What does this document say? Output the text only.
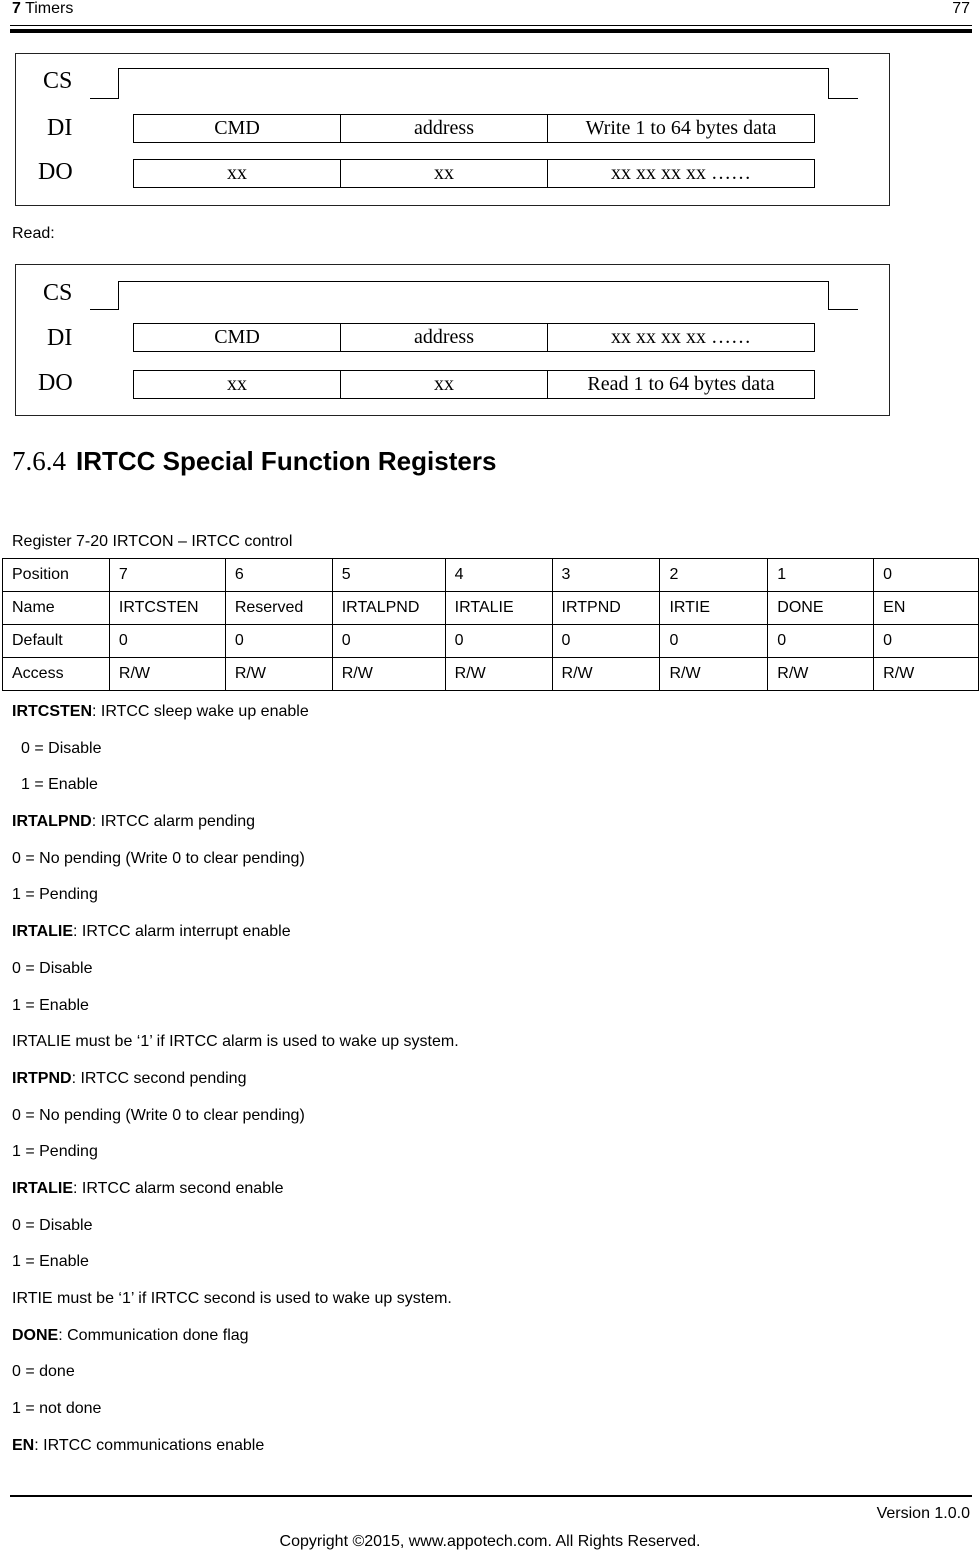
7 Timers	77
CS
DI
DO
CMD	address	Write 1 to 64 bytes data
xx	xx	xx xx xx xx ……
Read:
CS
DI
DO
CMD	address	xx xx xx xx ……
xx	xx	Read 1 to 64 bytes data
7.6.4 IRTCC Special Function Registers
Register 7-20 IRTCON – IRTCC control
Position	7	6	5	4	3	2	1	0
Name	IRTCSTEN	Reserved	IRTALPND	IRTALIE	IRTPND	IRTIE	DONE	EN
Default	0	0	0	0	0	0	0	0
Access	R/W	R/W	R/W	R/W	R/W	R/W	R/W	R/W
IRTCSTEN: IRTCC sleep wake up enable
0 = Disable
1 = Enable
IRTALPND: IRTCC alarm pending
0 = No pending (Write 0 to clear pending)
1 = Pending
IRTALIE: IRTCC alarm interrupt enable
0 = Disable
1 = Enable
IRTALIE must be ‘1’ if IRTCC alarm is used to wake up system.
IRTPND: IRTCC second pending
0 = No pending (Write 0 to clear pending)
1 = Pending
IRTALIE: IRTCC alarm second enable
0 = Disable
1 = Enable
IRTIE must be ‘1’ if IRTCC second is used to wake up system.
DONE: Communication done flag
0 = done
1 = not done
EN: IRTCC communications enable
Version 1.0.0
Copyright ©2015, www.appotech.com. All Rights Reserved.
